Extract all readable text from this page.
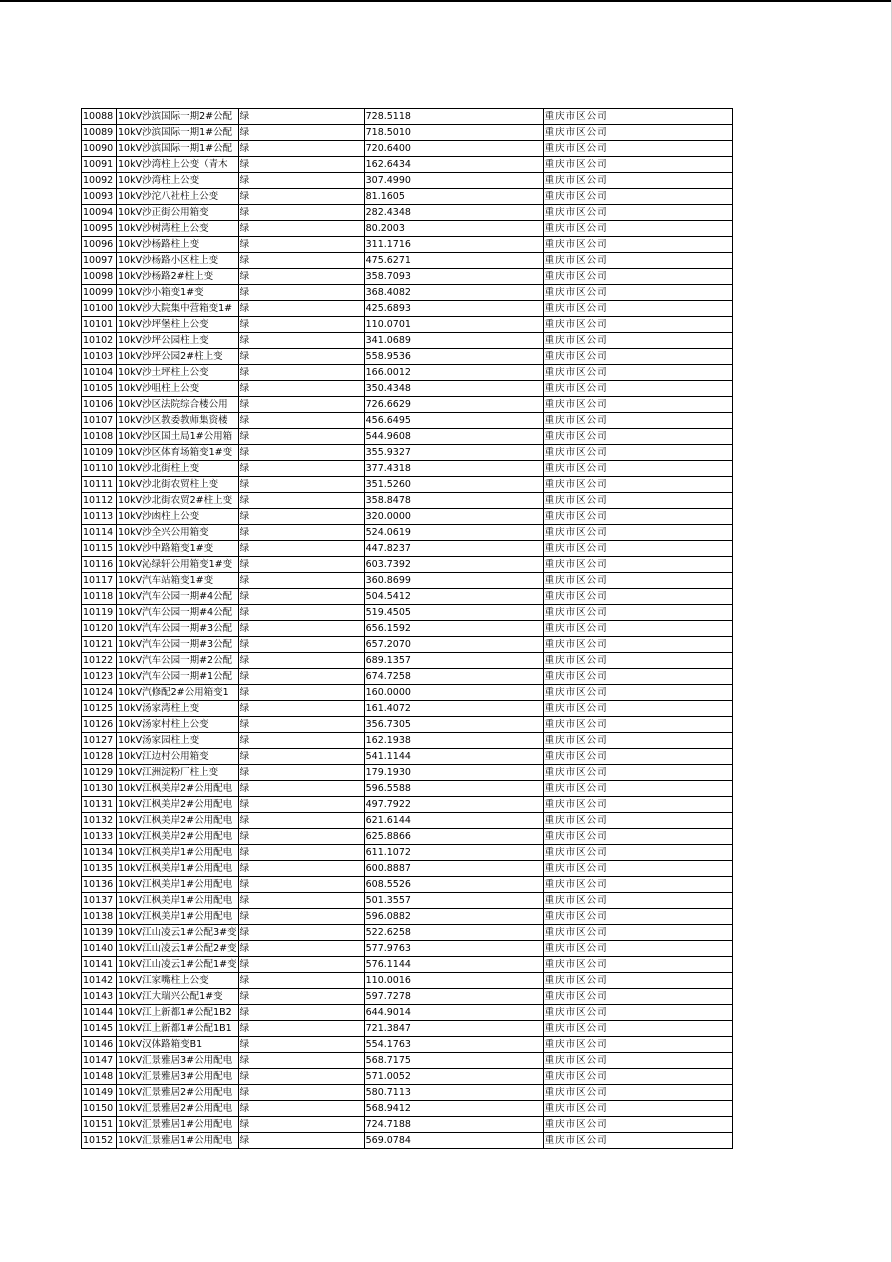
10088	10kV沙滨国际一期2#公配	绿	728.5118	重庆市区公司
10089	10kV沙滨国际一期1#公配	绿	718.5010	重庆市区公司
10090	10kV沙滨国际一期1#公配	绿	720.6400	重庆市区公司
10091	10kV沙湾柱上公变（青木	绿	162.6434	重庆市区公司
10092	10kV沙湾柱上公变	绿	307.4990	重庆市区公司
10093	10kV沙沱八社柱上公变	绿	81.1605	重庆市区公司
10094	10kV沙正街公用箱变	绿	282.4348	重庆市区公司
10095	10kV沙树湾柱上公变	绿	80.2003	重庆市区公司
10096	10kV沙杨路柱上变	绿	311.1716	重庆市区公司
10097	10kV沙杨路小区柱上变	绿	475.6271	重庆市区公司
10098	10kV沙杨路2#柱上变	绿	358.7093	重庆市区公司
10099	10kV沙小箱变1#变	绿	368.4082	重庆市区公司
10100	10kV沙大院集中营箱变1#	绿	425.6893	重庆市区公司
10101	10kV沙坪堡柱上公变	绿	110.0701	重庆市区公司
10102	10kV沙坪公园柱上变	绿	341.0689	重庆市区公司
10103	10kV沙坪公园2#柱上变	绿	558.9536	重庆市区公司
10104	10kV沙土坪柱上公变	绿	166.0012	重庆市区公司
10105	10kV沙咀柱上公变	绿	350.4348	重庆市区公司
10106	10kV沙区法院综合楼公用	绿	726.6629	重庆市区公司
10107	10kV沙区教委教师集资楼	绿	456.6495	重庆市区公司
10108	10kV沙区国土局1#公用箱	绿	544.9608	重庆市区公司
10109	10kV沙区体育场箱变1#变	绿	355.9327	重庆市区公司
10110	10kV沙北街柱上变	绿	377.4318	重庆市区公司
10111	10kV沙北街农贸柱上变	绿	351.5260	重庆市区公司
10112	10kV沙北街农贸2#柱上变	绿	358.8478	重庆市区公司
10113	10kV沙凼柱上公变	绿	320.0000	重庆市区公司
10114	10kV沙全兴公用箱变	绿	524.0619	重庆市区公司
10115	10kV沙中路箱变1#变	绿	447.8237	重庆市区公司
10116	10kV沁绿轩公用箱变1#变	绿	603.7392	重庆市区公司
10117	10kV汽车站箱变1#变	绿	360.8699	重庆市区公司
10118	10kV汽车公园一期#4公配	绿	504.5412	重庆市区公司
10119	10kV汽车公园一期#4公配	绿	519.4505	重庆市区公司
10120	10kV汽车公园一期#3公配	绿	656.1592	重庆市区公司
10121	10kV汽车公园一期#3公配	绿	657.2070	重庆市区公司
10122	10kV汽车公园一期#2公配	绿	689.1357	重庆市区公司
10123	10kV汽车公园一期#1公配	绿	674.7258	重庆市区公司
10124	10kV汽修配2#公用箱变1	绿	160.0000	重庆市区公司
10125	10kV汤家湾柱上变	绿	161.4072	重庆市区公司
10126	10kV汤家村柱上公变	绿	356.7305	重庆市区公司
10127	10kV汤家园柱上变	绿	162.1938	重庆市区公司
10128	10kV江边村公用箱变	绿	541.1144	重庆市区公司
10129	10kV江洲淀粉厂柱上变	绿	179.1930	重庆市区公司
10130	10kV江枫美岸2#公用配电	绿	596.5588	重庆市区公司
10131	10kV江枫美岸2#公用配电	绿	497.7922	重庆市区公司
10132	10kV江枫美岸2#公用配电	绿	621.6144	重庆市区公司
10133	10kV江枫美岸2#公用配电	绿	625.8866	重庆市区公司
10134	10kV江枫美岸1#公用配电	绿	611.1072	重庆市区公司
10135	10kV江枫美岸1#公用配电	绿	600.8887	重庆市区公司
10136	10kV江枫美岸1#公用配电	绿	608.5526	重庆市区公司
10137	10kV江枫美岸1#公用配电	绿	501.3557	重庆市区公司
10138	10kV江枫美岸1#公用配电	绿	596.0882	重庆市区公司
10139	10kV江山凌云1#公配3#变	绿	522.6258	重庆市区公司
10140	10kV江山凌云1#公配2#变	绿	577.9763	重庆市区公司
10141	10kV江山凌云1#公配1#变	绿	576.1144	重庆市区公司
10142	10kV江家嘴柱上公变	绿	110.0016	重庆市区公司
10143	10kV江大瑞兴公配1#变	绿	597.7278	重庆市区公司
10144	10kV江上新都1#公配1B2	绿	644.9014	重庆市区公司
10145	10kV江上新都1#公配1B1	绿	721.3847	重庆市区公司
10146	10kV汉体路箱变B1	绿	554.1763	重庆市区公司
10147	10kV汇景雅居3#公用配电	绿	568.7175	重庆市区公司
10148	10kV汇景雅居3#公用配电	绿	571.0052	重庆市区公司
10149	10kV汇景雅居2#公用配电	绿	580.7113	重庆市区公司
10150	10kV汇景雅居2#公用配电	绿	568.9412	重庆市区公司
10151	10kV汇景雅居1#公用配电	绿	724.7188	重庆市区公司
10152	10kV汇景雅居1#公用配电	绿	569.0784	重庆市区公司
